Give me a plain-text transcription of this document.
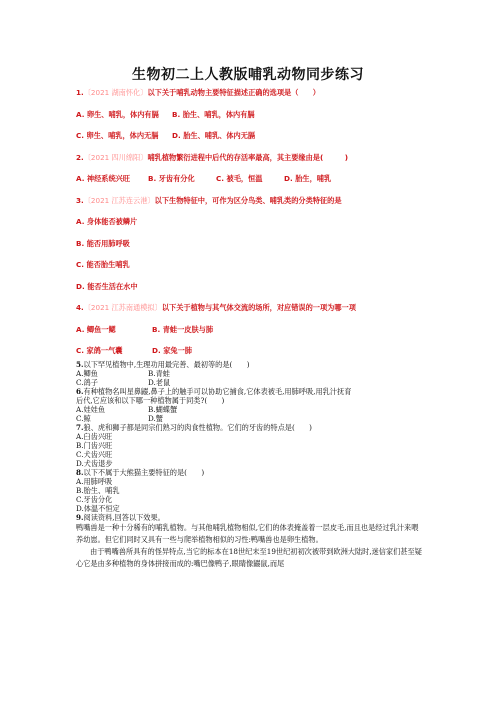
生物初二上人教版哺乳动物同步练习
1.〔2021 湖南怀化〕以下关于哺乳动物主要特征描述正确的选项是（　　）
A. 卵生、哺乳，体内有膈	B. 胎生、哺乳，体内有膈
C. 卵生、哺乳，体内无膈	D. 胎生、哺乳、体内无膈
2.〔2021 四川绵阳〕哺乳植物繁衍进程中后代的存活率最高，其主要缘由是(　　　)
A. 神经系统兴旺	B. 牙齿有分化	C. 被毛，恒温	D. 胎生，哺乳
3.〔2021 江苏连云港〕以下生物特征中，可作为区分鸟类、哺乳类的分类特征的是
A. 身体能否被鳞片
B. 能否用肺呼吸
C. 能否胎生哺乳
D. 能否生活在水中
4.〔2021 江苏南通模拟〕以下关于植物与其气体交流的场所，对应错误的一项为哪一项
A. 鲫鱼一鳃	B. 青蛙一皮肤与肺
C. 家鸽一气囊	D. 家兔一肺
5.以下罕见植物中,生理功用最完善、最初等的是(　　)
A.鲫鱼	B.青蛙
C.鸽子	D.老鼠
6.有种植物名叫星鼻鼹,鼻子上的触手可以协助它捕食,它体表被毛,用肺呼吸,用乳汁抚育
后代,它应该和以下哪一种植物属于同类?(　　)
A.娃娃鱼	B.蝴蝶蟹
C.鲸	D.蟹
7.狼、虎和狮子都是同宗们熟习的肉食性植物。它们的牙齿的特点是(　　)
A.臼齿兴旺
B.门齿兴旺
C.犬齿兴旺
D.犬齿退步
8.以下不属于大熊猫主要特征的是(　　)
A.用肺呼吸
B.胎生、哺乳
C.牙齿分化
D.体温不恒定
9.阅读资料,回答以下效果。
鸭嘴兽是一种十分稀有的哺乳植物。与其他哺乳植物相似,它们的体表掩盖着一层皮毛,而且也是经过乳汁来喂养幼崽。但它们同时又具有一些与爬举植物相似的习性:鸭嘴兽也是卵生植物。
由于鸭嘴兽所具有的怪异特点,当它的标本在18世纪末至19世纪初初次被带到欧洲大陆时,迷信家们甚至疑心它是由多种植物的身体拼接而成的:嘴巴像鸭子,眼睛像鼹鼠,而尾
